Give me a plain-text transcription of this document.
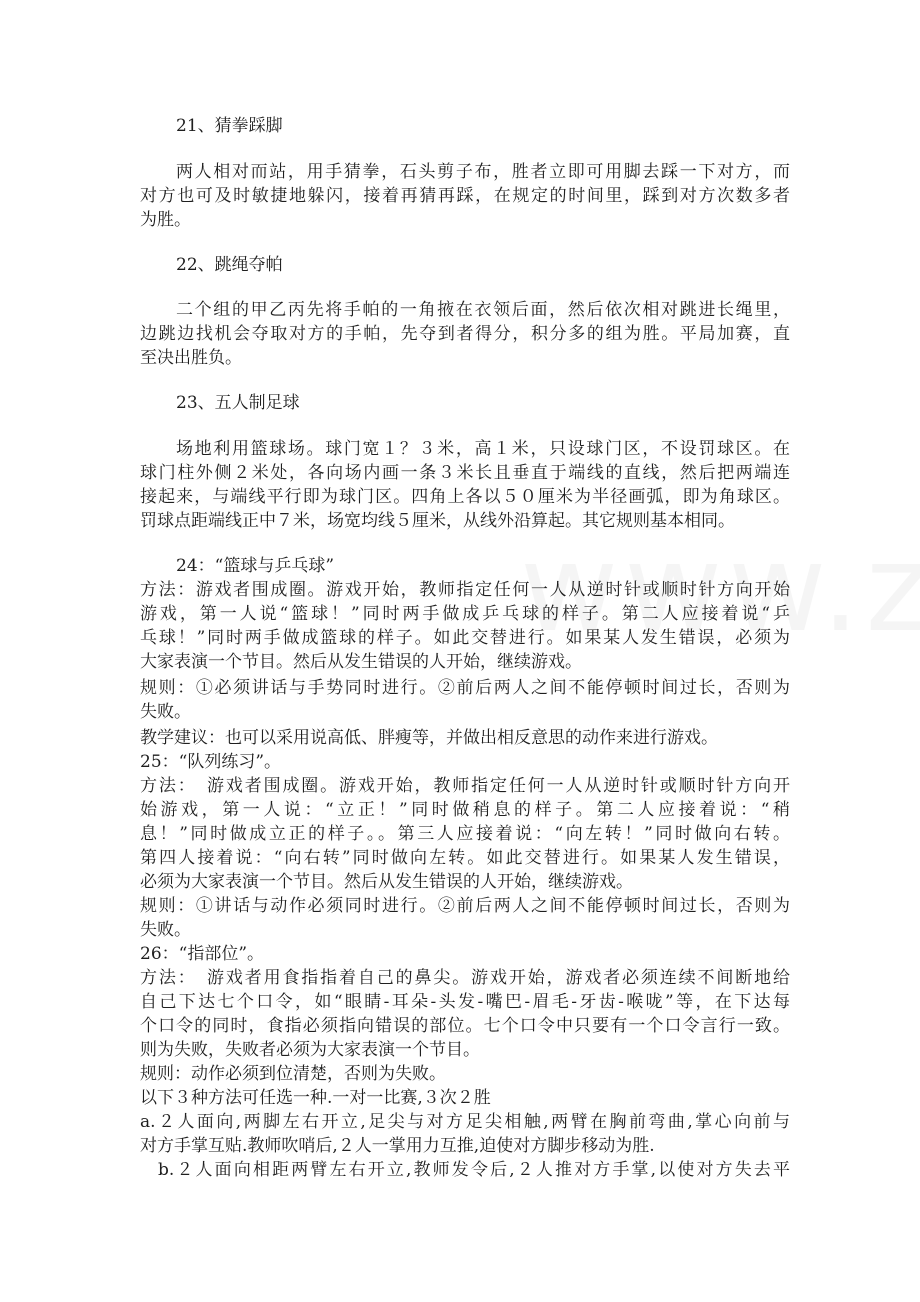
21、猜拳踩脚
两人相对而站，用手猜拳，石头剪子布，胜者立即可用脚去踩一下对方，而
对方也可及时敏捷地躲闪，接着再猜再踩，在规定的时间里，踩到对方次数多者
为胜。
22、跳绳夺帕
二个组的甲乙丙先将手帕的一角掖在衣领后面，然后依次相对跳进长绳里，
边跳边找机会夺取对方的手帕，先夺到者得分，积分多的组为胜。平局加赛，直
至决出胜负。
23、五人制足球
场地利用篮球场。球门宽１？３米，高１米，只设球门区，不设罚球区。在
球门柱外侧２米处，各向场内画一条３米长且垂直于端线的直线，然后把两端连
接起来，与端线平行即为球门区。四角上各以５０厘米为半径画弧，即为角球区。
罚球点距端线正中７米，场宽均线５厘米，从线外沿算起。其它规则基本相同。
24：“篮球与乒乓球”
方法：游戏者围成圈。游戏开始，教师指定任何一人从逆时针或顺时针方向开始
游戏，第一人说“篮球！”同时两手做成乒乓球的样子。第二人应接着说“乒
乓球！”同时两手做成篮球的样子。如此交替进行。如果某人发生错误，必须为
大家表演一个节目。然后从发生错误的人开始，继续游戏。
规则：①必须讲话与手势同时进行。②前后两人之间不能停顿时间过长，否则为
失败。
教学建议：也可以采用说高低、胖瘦等，并做出相反意思的动作来进行游戏。
25：“队列练习”。
方法：　游戏者围成圈。游戏开始，教师指定任何一人从逆时针或顺时针方向开
始游戏，第一人说：“立正！”同时做稍息的样子。第二人应接着说：“稍
息！”同时做成立正的样子。。第三人应接着说：“向左转！”同时做向右转。
第四人接着说：“向右转”同时做向左转。如此交替进行。如果某人发生错误，
必须为大家表演一个节目。然后从发生错误的人开始，继续游戏。
规则：①讲话与动作必须同时进行。②前后两人之间不能停顿时间过长，否则为
失败。
26：“指部位”。
方法：　游戏者用食指指着自己的鼻尖。游戏开始，游戏者必须连续不间断地给
自己下达七个口令，如“眼睛-耳朵-头发-嘴巴-眉毛-牙齿-喉咙”等，在下达每
个口令的同时，食指必须指向错误的部位。七个口令中只要有一个口令言行一致。
则为失败，失败者必须为大家表演一个节目。
规则：动作必须到位清楚，否则为失败。
以下３种方法可任选一种.一对一比赛,３次２胜
a.２人面向,两脚左右开立,足尖与对方足尖相触,两臂在胸前弯曲,掌心向前与
对方手掌互贴.教师吹哨后,２人一掌用力互推,迫使对方脚步移动为胜.
b.２人面向相距两臂左右开立,教师发令后,２人推对方手掌,以使对方失去平
